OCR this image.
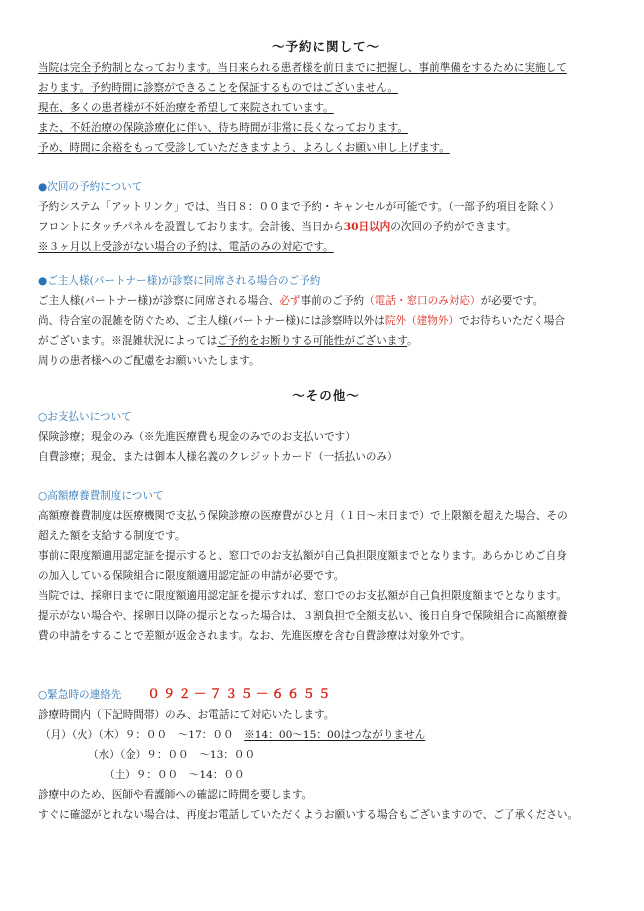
〜予約に関して〜
当院は完全予約制となっております。当日来られる患者様を前日までに把握し、事前準備をするために実施して
おります。予約時間に診察ができることを保証するものではございません。
現在、多くの患者様が不妊治療を希望して来院されています。
また、不妊治療の保険診療化に伴い、待ち時間が非常に長くなっております。
予め、時間に余裕をもって受診していただきますよう、よろしくお願い申し上げます。
●次回の予約について
予約システム「アットリンク」では、当日８：００まで予約・キャンセルが可能です。（一部予約項目を除く）
フロントにタッチパネルを設置しております。会計後、当日から30日以内の次回の予約ができます。
※３ヶ月以上受診がない場合の予約は、電話のみの対応です。
●ご主人様(パートナー様)が診察に同席される場合のご予約
ご主人様(パートナー様)が診察に同席される場合、必ず事前のご予約（電話・窓口のみ対応）が必要です。
尚、待合室の混雑を防ぐため、ご主人様(パートナー様)には診察時以外は院外（建物外）でお待ちいただく場合
がございます。※混雑状況によってはご予約をお断りする可能性がございます。
周りの患者様へのご配慮をお願いいたします。
〜その他〜
○お支払いについて
保険診療；現金のみ（※先進医療費も現金のみでのお支払いです）
自費診療；現金、または御本人様名義のクレジットカード（一括払いのみ）
○高額療養費制度について
高額療養費制度は医療機関で支払う保険診療の医療費がひと月（１日〜末日まで）で上限額を超えた場合、その
超えた額を支給する制度です。
事前に限度額適用認定証を提示すると、窓口でのお支払額が自己負担限度額までとなります。あらかじめご自身
の加入している保険組合に限度額適用認定証の申請が必要です。
当院では、採卵日までに限度額適用認定証を提示すれば、窓口でのお支払額が自己負担限度額までとなります。
提示がない場合や、採卵日以降の提示となった場合は、３割負担で全額支払い、後日自身で保険組合に高額療養
費の申請をすることで差額が返金されます。なお、先進医療を含む自費診療は対象外です。
○緊急時の連絡先 ０９２－７３５－６６５５
診療時間内（下記時間帯）のみ、お電話にて対応いたします。
（月）（火）（木）９：００　〜17：００　※14：00〜15：00はつながりません
（水）（金）９：００　〜13：００
（土）９：００　〜14：００
診療中のため、医師や看護師への確認に時間を要します。
すぐに確認がとれない場合は、再度お電話していただくようお願いする場合もございますので、ご了承ください。
